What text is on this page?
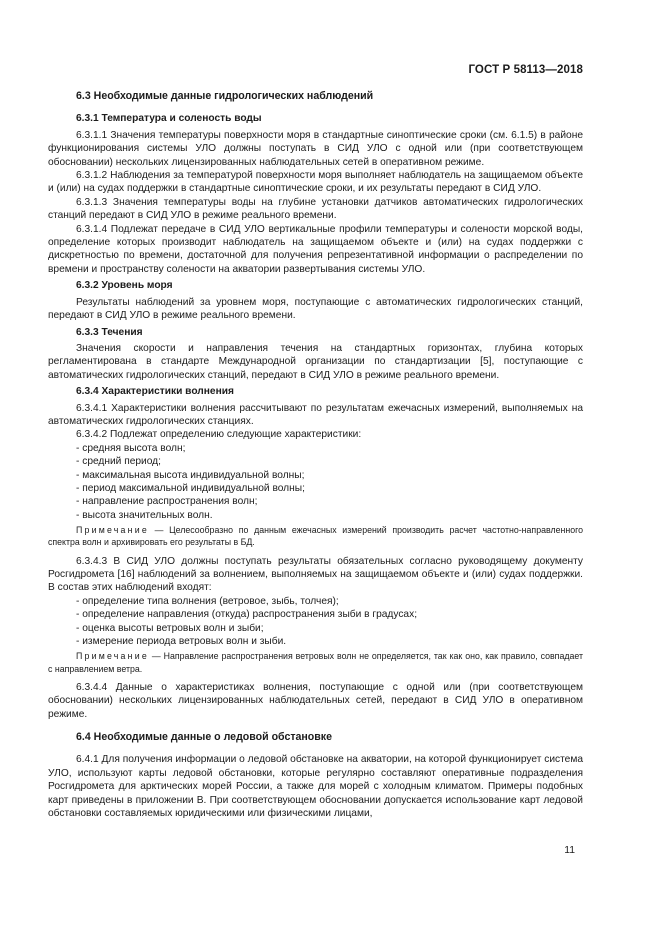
ГОСТ Р 58113—2018

6.3 Необходимые данные гидрологических наблюдений

6.3.1 Температура и соленость воды

6.3.1.1 Значения температуры поверхности моря в стандартные синоптические сроки (см. 6.1.5) в районе функционирования системы УЛО должны поступать в СИД УЛО с одной или (при соответствующем обосновании) нескольких лицензированных наблюдательных сетей в оперативном режиме.

6.3.1.2 Наблюдения за температурой поверхности моря выполняет наблюдатель на защищаемом объекте и (или) на судах поддержки в стандартные синоптические сроки, и их результаты передают в СИД УЛО.

6.3.1.3 Значения температуры воды на глубине установки датчиков автоматических гидрологических станций передают в СИД УЛО в режиме реального времени.

6.3.1.4 Подлежат передаче в СИД УЛО вертикальные профили температуры и солености морской воды, определение которых производит наблюдатель на защищаемом объекте и (или) на судах поддержки с дискретностью по времени, достаточной для получения репрезентативной информации о распределении по времени и пространству солености на акватории развертывания системы УЛО.

6.3.2 Уровень моря

Результаты наблюдений за уровнем моря, поступающие с автоматических гидрологических станций, передают в СИД УЛО в режиме реального времени.

6.3.3 Течения

Значения скорости и направления течения на стандартных горизонтах, глубина которых регламентирована в стандарте Международной организации по стандартизации [5], поступающие с автоматических гидрологических станций, передают в СИД УЛО в режиме реального времени.

6.3.4 Характеристики волнения

6.3.4.1 Характеристики волнения рассчитывают по результатам ежечасных измерений, выполняемых на автоматических гидрологических станциях.

6.3.4.2 Подлежат определению следующие характеристики:

- средняя высота волн;
- средний период;
- максимальная высота индивидуальной волны;
- период максимальной индивидуальной волны;
- направление распространения волн;
- высота значительных волн.

Примечание — Целесообразно по данным ежечасных измерений производить расчет частотно-направленного спектра волн и архивировать его результаты в БД.

6.3.4.3 В СИД УЛО должны поступать результаты обязательных согласно руководящему документу Росгидромета [16] наблюдений за волнением, выполняемых на защищаемом объекте и (или) судах поддержки. В состав этих наблюдений входят:

- определение типа волнения (ветровое, зыбь, толчея);
- определение направления (откуда) распространения зыби в градусах;
- оценка высоты ветровых волн и зыби;
- измерение периода ветровых волн и зыби.

Примечание — Направление распространения ветровых волн не определяется, так как оно, как правило, совпадает с направлением ветра.

6.3.4.4 Данные о характеристиках волнения, поступающие с одной или (при соответствующем обосновании) нескольких лицензированных наблюдательных сетей, передают в СИД УЛО в оперативном режиме.

6.4 Необходимые данные о ледовой обстановке

6.4.1 Для получения информации о ледовой обстановке на акватории, на которой функционирует система УЛО, используют карты ледовой обстановки, которые регулярно составляют оперативные подразделения Росгидромета для арктических морей России, а также для морей с холодным климатом. Примеры подобных карт приведены в приложении В. При соответствующем обосновании допускается использование карт ледовой обстановки составляемых юридическими или физическими лицами,

11
